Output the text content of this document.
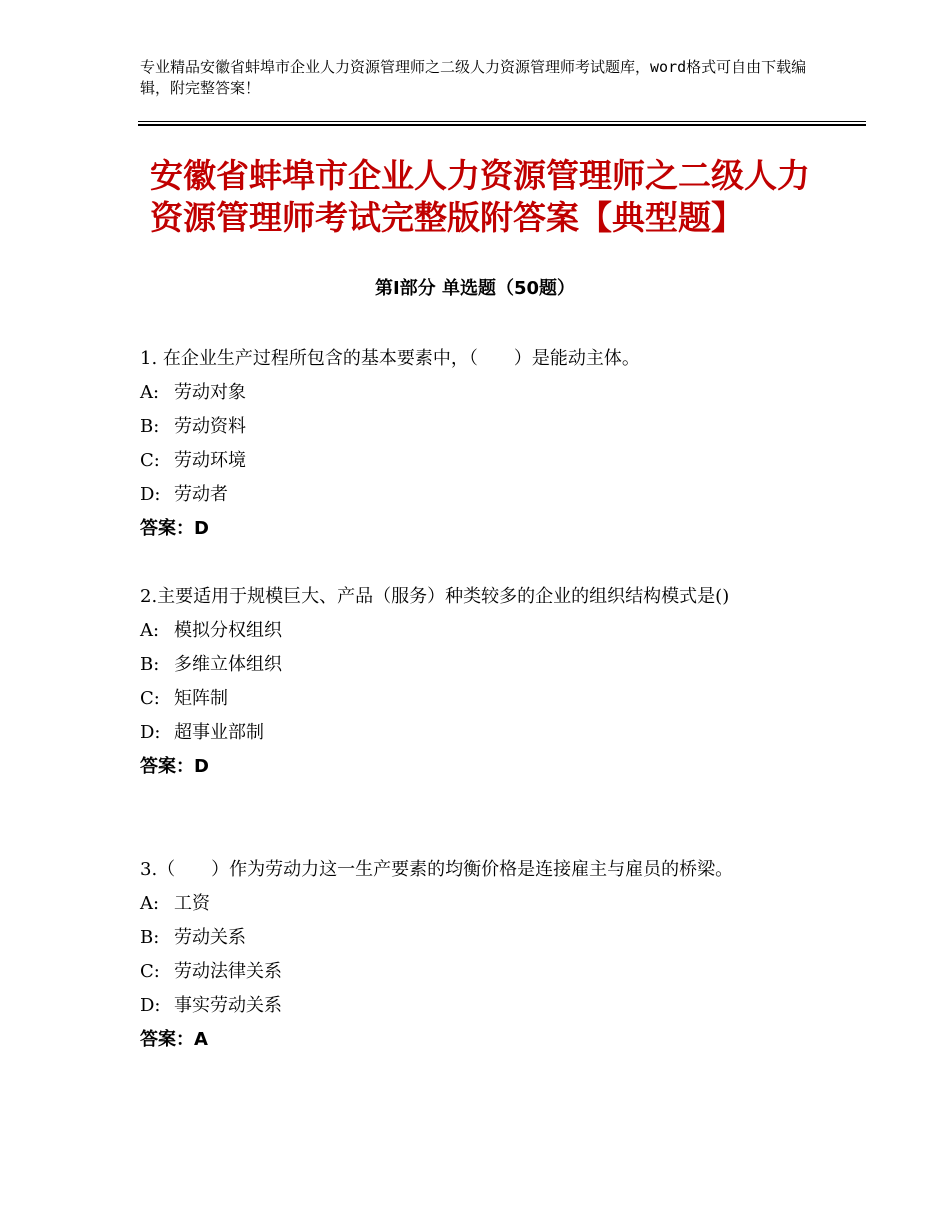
专业精品安徽省蚌埠市企业人力资源管理师之二级人力资源管理师考试题库，word格式可自由下载编辑，附完整答案！
安徽省蚌埠市企业人力资源管理师之二级人力资源管理师考试完整版附答案【典型题】
第Ⅰ部分 单选题（50题）

1. 在企业生产过程所包含的基本要素中，（　　）是能动主体。

A: 劳动对象

B: 劳动资料

C: 劳动环境

D: 劳动者

答案：D

2.主要适用于规模巨大、产品（服务）种类较多的企业的组织结构模式是()

A: 模拟分权组织

B: 多维立体组织

C: 矩阵制

D: 超事业部制

答案：D

3.（　　）作为劳动力这一生产要素的均衡价格是连接雇主与雇员的桥梁。

A: 工资

B: 劳动关系

C: 劳动法律关系

D: 事实劳动关系

答案：A
